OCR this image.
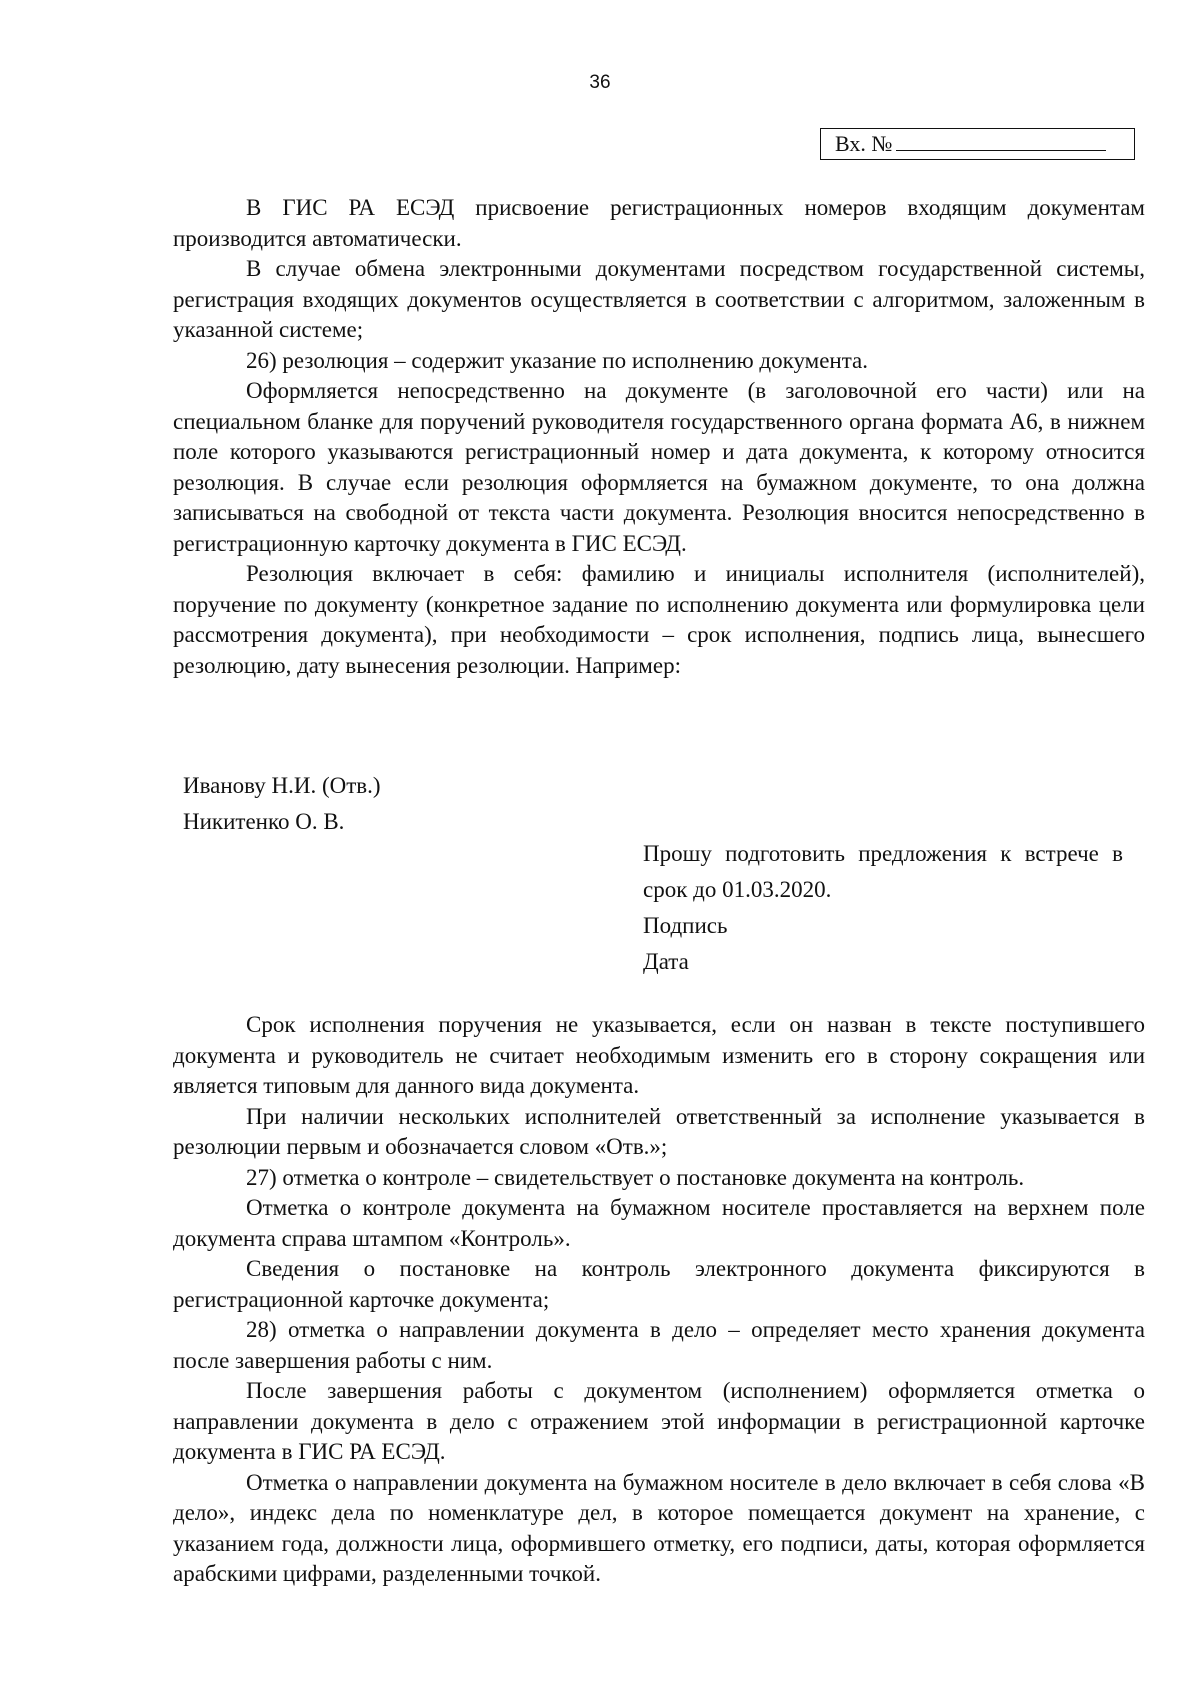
36
Вх. №

В ГИС РА ЕСЭД присвоение регистрационных номеров входящим документам производится автоматически.

В случае обмена электронными документами посредством государственной системы, регистрация входящих документов осуществляется в соответствии с алгоритмом, заложенным в указанной системе;

26) резолюция – содержит указание по исполнению документа.

Оформляется непосредственно на документе (в заголовочной его части) или на специальном бланке для поручений руководителя государственного органа формата А6, в нижнем поле которого указываются регистрационный номер и дата документа, к которому относится резолюция. В случае если резолюция оформляется на бумажном документе, то она должна записываться на свободной от текста части документа. Резолюция вносится непосредственно в регистрационную карточку документа в ГИС ЕСЭД.

Резолюция включает в себя: фамилию и инициалы исполнителя (исполнителей), поручение по документу (конкретное задание по исполнению документа или формулировка цели рассмотрения документа), при необходимости – срок исполнения, подпись лица, вынесшего резолюцию, дату вынесения резолюции. Например:

Иванову Н.И. (Отв.)
Никитенко О. В.
Прошу подготовить предложения к встрече в срок до 01.03.2020.
Подпись
Дата

Срок исполнения поручения не указывается, если он назван в тексте поступившего документа и руководитель не считает необходимым изменить его в сторону сокращения или является типовым для данного вида документа.

При наличии нескольких исполнителей ответственный за исполнение указывается в резолюции первым и обозначается словом «Отв.»;

27) отметка о контроле – свидетельствует о постановке документа на контроль.

Отметка о контроле документа на бумажном носителе проставляется на верхнем поле документа справа штампом «Контроль».

Сведения о постановке на контроль электронного документа фиксируются в регистрационной карточке документа;

28) отметка о направлении документа в дело – определяет место хранения документа после завершения работы с ним.

После завершения работы с документом (исполнением) оформляется отметка о направлении документа в дело с отражением этой информации в регистрационной карточке документа в ГИС РА ЕСЭД.

Отметка о направлении документа на бумажном носителе в дело включает в себя слова «В дело», индекс дела по номенклатуре дел, в которое помещается документ на хранение, с указанием года, должности лица, оформившего отметку, его подписи, даты, которая оформляется арабскими цифрами, разделенными точкой.
